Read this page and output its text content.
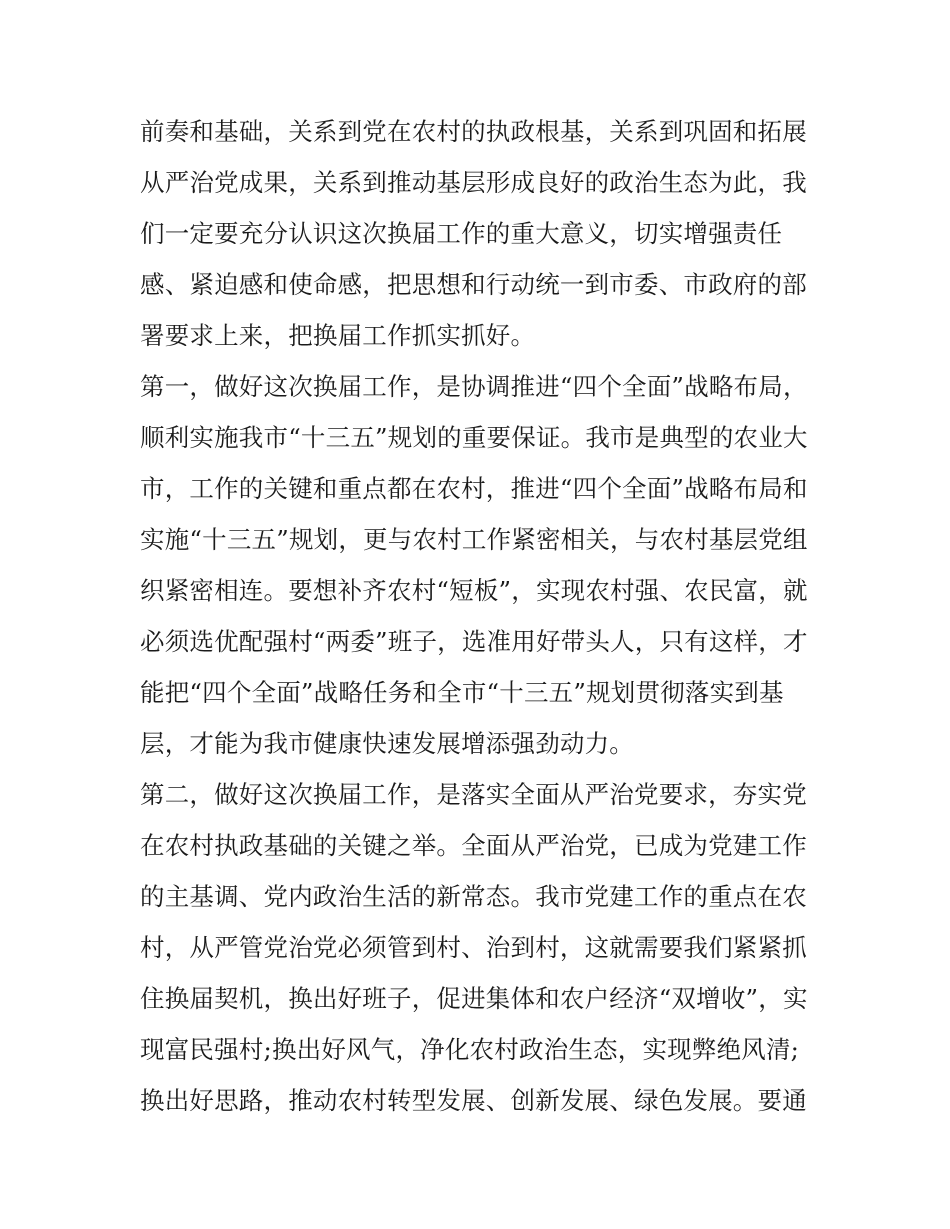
前奏和基础，关系到党在农村的执政根基，关系到巩固和拓展
从严治党成果，关系到推动基层形成良好的政治生态为此，我
们一定要充分认识这次换届工作的重大意义，切实增强责任
感、紧迫感和使命感，把思想和行动统一到市委、市政府的部
署要求上来，把换届工作抓实抓好。
第一，做好这次换届工作，是协调推进“四个全面”战略布局，
顺利实施我市“十三五”规划的重要保证。我市是典型的农业大
市，工作的关键和重点都在农村，推进“四个全面”战略布局和
实施“十三五”规划，更与农村工作紧密相关，与农村基层党组
织紧密相连。要想补齐农村“短板”，实现农村强、农民富，就
必须选优配强村“两委”班子，选准用好带头人，只有这样，才
能把“四个全面”战略任务和全市“十三五”规划贯彻落实到基
层，才能为我市健康快速发展增添强劲动力。
第二，做好这次换届工作，是落实全面从严治党要求，夯实党
在农村执政基础的关键之举。全面从严治党，已成为党建工作
的主基调、党内政治生活的新常态。我市党建工作的重点在农
村，从严管党治党必须管到村、治到村，这就需要我们紧紧抓
住换届契机，换出好班子，促进集体和农户经济“双增收”，实
现富民强村;换出好风气，净化农村政治生态，实现弊绝风清;
换出好思路，推动农村转型发展、创新发展、绿色发展。要通
